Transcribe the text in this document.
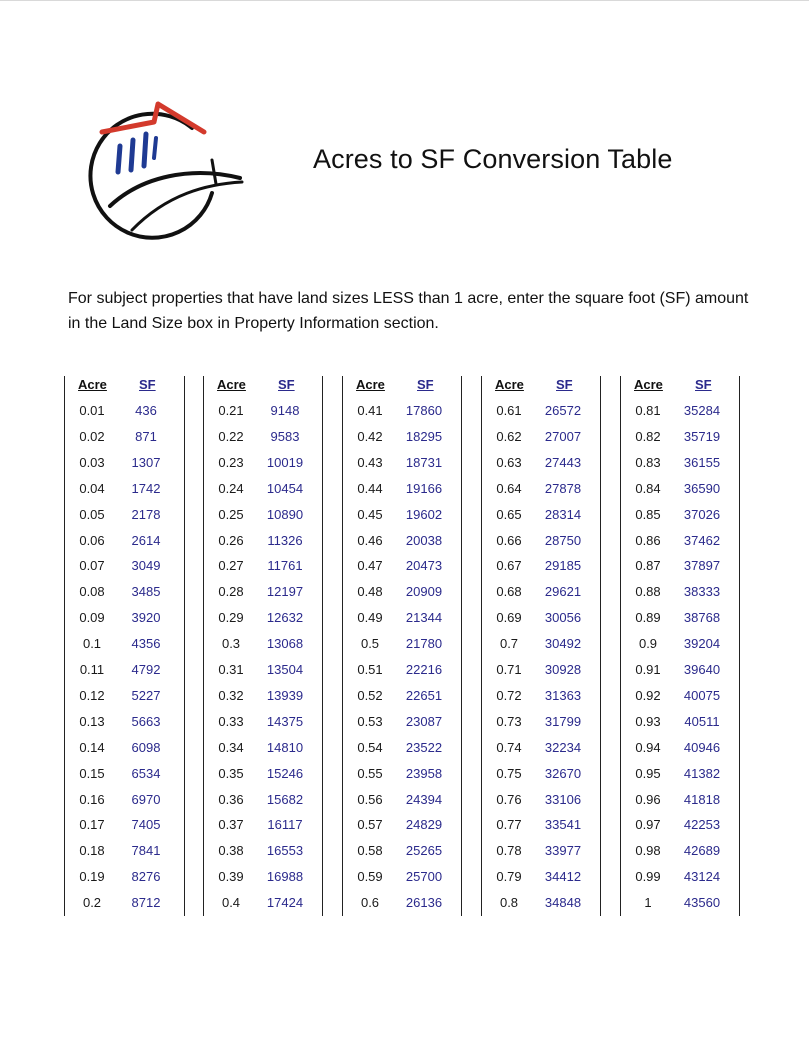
Acres to SF Conversion Table
For subject properties that have land sizes LESS than 1 acre, enter the square foot (SF) amount in the Land Size box in Property Information section.
Acre SF
0.01 436
0.02 871
0.03 1307
0.04 1742
0.05 2178
0.06 2614
0.07 3049
0.08 3485
0.09 3920
0.1 4356
0.11 4792
0.12 5227
0.13 5663
0.14 6098
0.15 6534
0.16 6970
0.17 7405
0.18 7841
0.19 8276
0.2 8712
Acre SF
0.21 9148
0.22 9583
0.23 10019
0.24 10454
0.25 10890
0.26 11326
0.27 11761
0.28 12197
0.29 12632
0.3 13068
0.31 13504
0.32 13939
0.33 14375
0.34 14810
0.35 15246
0.36 15682
0.37 16117
0.38 16553
0.39 16988
0.4 17424
Acre SF
0.41 17860
0.42 18295
0.43 18731
0.44 19166
0.45 19602
0.46 20038
0.47 20473
0.48 20909
0.49 21344
0.5 21780
0.51 22216
0.52 22651
0.53 23087
0.54 23522
0.55 23958
0.56 24394
0.57 24829
0.58 25265
0.59 25700
0.6 26136
Acre SF
0.61 26572
0.62 27007
0.63 27443
0.64 27878
0.65 28314
0.66 28750
0.67 29185
0.68 29621
0.69 30056
0.7 30492
0.71 30928
0.72 31363
0.73 31799
0.74 32234
0.75 32670
0.76 33106
0.77 33541
0.78 33977
0.79 34412
0.8 34848
Acre SF
0.81 35284
0.82 35719
0.83 36155
0.84 36590
0.85 37026
0.86 37462
0.87 37897
0.88 38333
0.89 38768
0.9 39204
0.91 39640
0.92 40075
0.93 40511
0.94 40946
0.95 41382
0.96 41818
0.97 42253
0.98 42689
0.99 43124
1 43560
